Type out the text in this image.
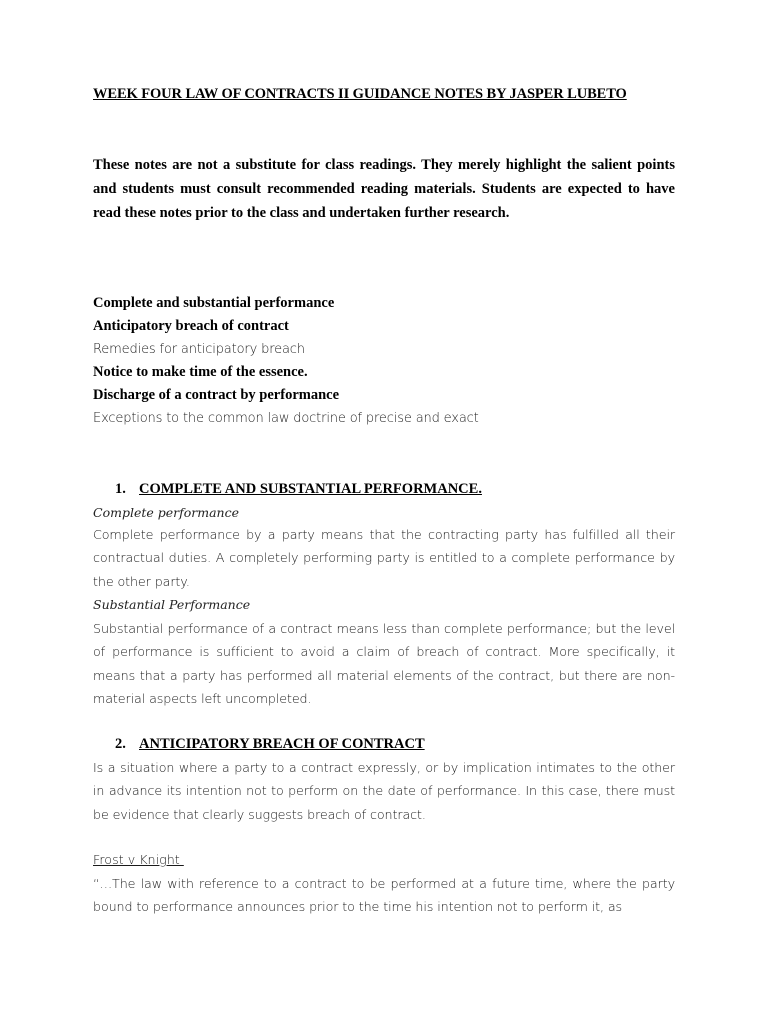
WEEK FOUR LAW OF CONTRACTS II GUIDANCE NOTES BY JASPER LUBETO

These notes are not a substitute for class readings. They merely highlight the salient points and students must consult recommended reading materials. Students are expected to have read these notes prior to the class and undertaken further research.

Complete and substantial performance
Anticipatory breach of contract
Remedies for anticipatory breach
Notice to make time of the essence.
Discharge of a contract by performance
Exceptions to the common law doctrine of precise and exact
1. COMPLETE AND SUBSTANTIAL PERFORMANCE.
Complete performance

Complete performance by a party means that the contracting party has fulfilled all their contractual duties. A completely performing party is entitled to a complete performance by the other party.

Substantial Performance

Substantial performance of a contract means less than complete performance; but the level of performance is sufficient to avoid a claim of breach of contract. More specifically, it means that a party has performed all material elements of the contract, but there are non-material aspects left uncompleted.

2. ANTICIPATORY BREACH OF CONTRACT

Is a situation where a party to a contract expressly, or by implication intimates to the other in advance its intention not to perform on the date of performance. In this case, there must be evidence that clearly suggests breach of contract.

Frost v Knight

“…The law with reference to a contract to be performed at a future time, where the party bound to performance announces prior to the time his intention not to perform it, as
